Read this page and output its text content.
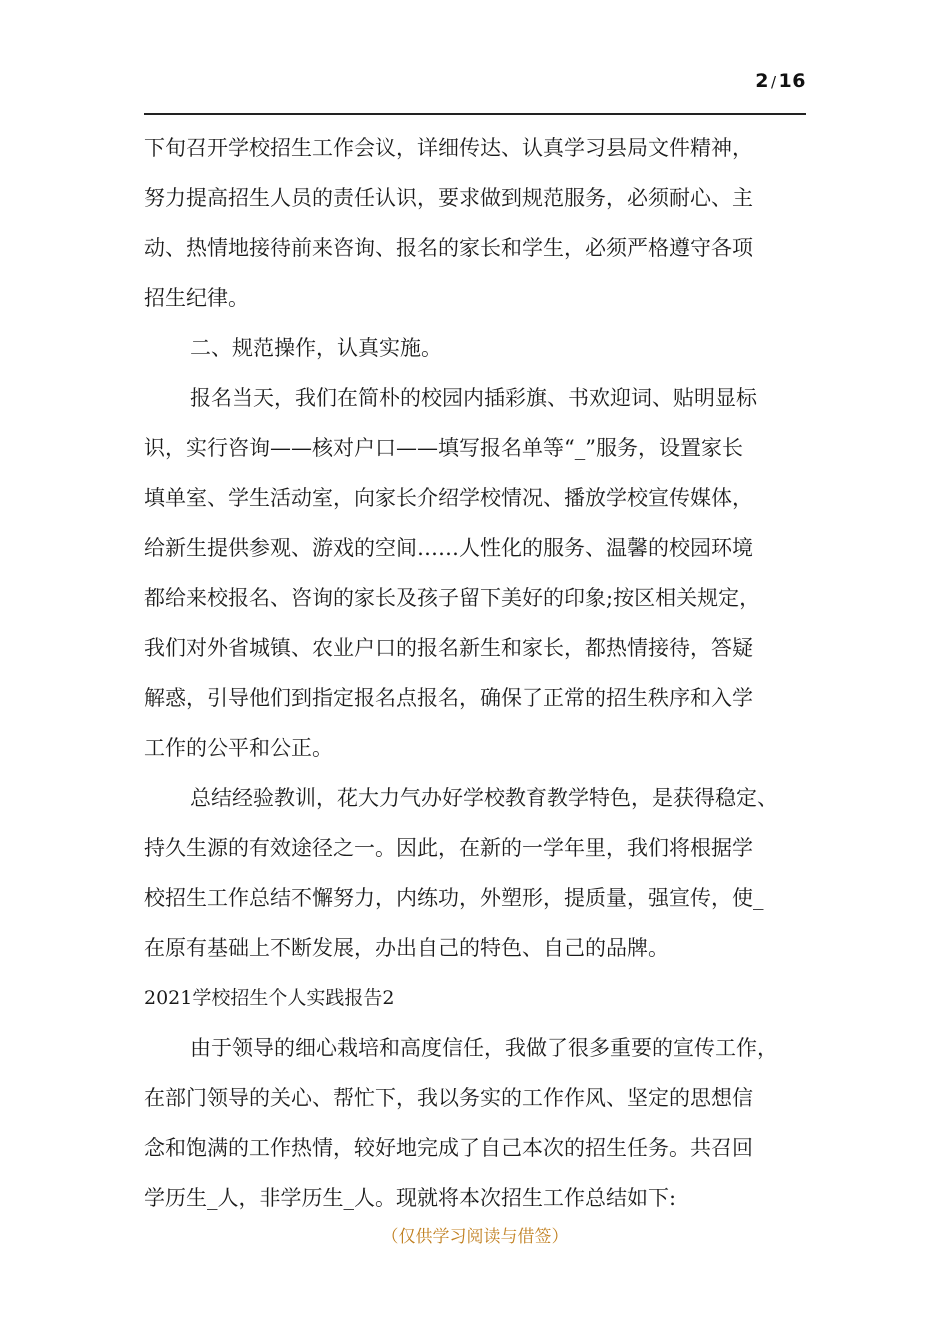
2 / 16
下旬召开学校招生工作会议，详细传达、认真学习县局文件精神，
努力提高招生人员的责任认识，要求做到规范服务，必须耐心、主
动、热情地接待前来咨询、报名的家长和学生，必须严格遵守各项
招生纪律。
二、规范操作，认真实施。
报名当天，我们在简朴的校园内插彩旗、书欢迎词、贴明显标
识，实行咨询——核对户口——填写报名单等“_”服务，设置家长
填单室、学生活动室，向家长介绍学校情况、播放学校宣传媒体，
给新生提供参观、游戏的空间……人性化的服务、温馨的校园环境
都给来校报名、咨询的家长及孩子留下美好的印象;按区相关规定，
我们对外省城镇、农业户口的报名新生和家长，都热情接待，答疑
解惑，引导他们到指定报名点报名，确保了正常的招生秩序和入学
工作的公平和公正。
总结经验教训，花大力气办好学校教育教学特色，是获得稳定、
持久生源的有效途径之一。因此，在新的一学年里，我们将根据学
校招生工作总结不懈努力，内练功，外塑形，提质量，强宣传，使_
在原有基础上不断发展，办出自己的特色、自己的品牌。
2021学校招生个人实践报告2
由于领导的细心栽培和高度信任，我做了很多重要的宣传工作，
在部门领导的关心、帮忙下，我以务实的工作作风、坚定的思想信
念和饱满的工作热情，较好地完成了自己本次的招生任务。共召回
学历生_人，非学历生_人。现就将本次招生工作总结如下:
（仅供学习阅读与借签）
